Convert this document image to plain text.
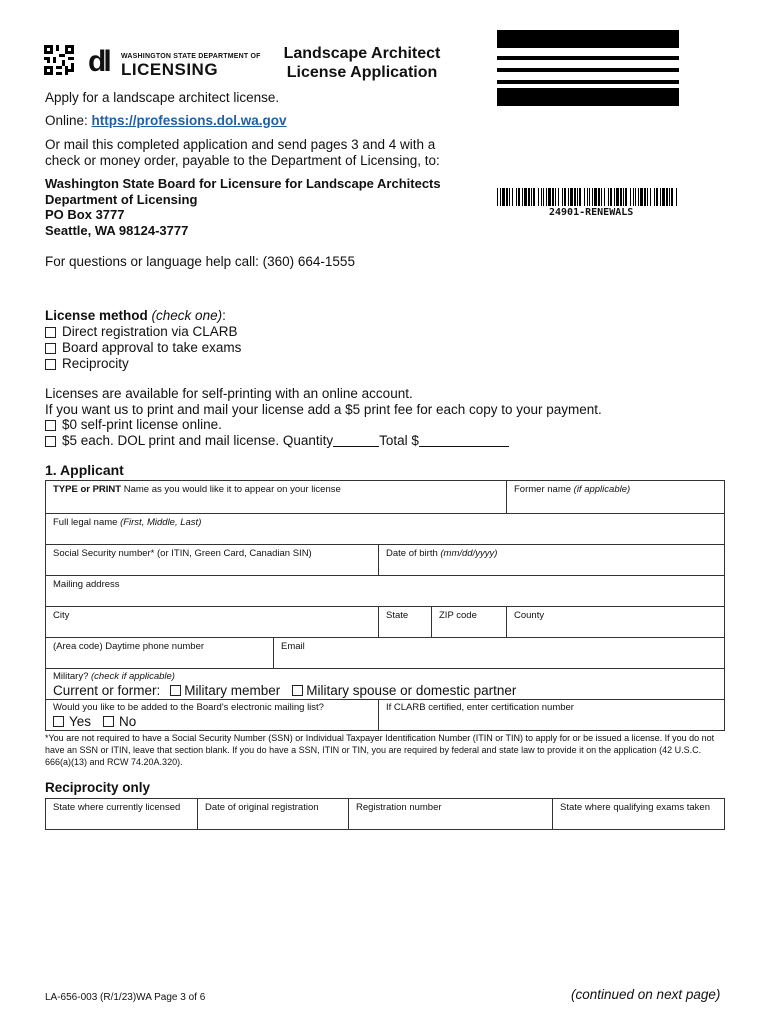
dl WASHINGTON STATE DEPARTMENT OF
LICENSING
Landscape Architect
License Application
24901-RENEWALS
Apply for a landscape architect license.
Online: https://professions.dol.wa.gov
Or mail this completed application and send pages 3 and 4 with a
check or money order, payable to the Department of Licensing, to:
Washington State Board for Licensure for Landscape Architects
Department of Licensing
PO Box 3777
Seattle, WA 98124-3777
For questions or language help call: (360) 664-1555
License method (check one):
Direct registration via CLARB
Board approval to take exams
Reciprocity
Licenses are available for self-printing with an online account.
If you want us to print and mail your license add a $5 print fee for each copy to your payment.
$0 self-print license online.
$5 each. DOL print and mail license. Quantity	Total $
1. Applicant
TYPE or PRINT Name as you would like it to appear on your license	Former name (if applicable)
Full legal name (First, Middle, Last)
Social Security number* (or ITIN, Green Card, Canadian SIN)	Date of birth (mm/dd/yyyy)
Mailing address
City	State	ZIP code	County
(Area code) Daytime phone number	Email
Military? (check if applicable)
Current or former: Military member Military spouse or domestic partner
Would you like to be added to the Board's electronic mailing list?
Yes No
If CLARB certified, enter certification number
*You are not required to have a Social Security Number (SSN) or Individual Taxpayer Identification Number (ITIN or TIN) to apply for or be issued a license. If you do not have an SSN or ITIN, leave that section blank. If you do have a SSN, ITIN or TIN, you are required by federal and state law to provide it on the application (42 U.S.C. 666(a)(13) and RCW 74.20A.320).
Reciprocity only
State where currently licensed	Date of original registration	Registration number	State where qualifying exams taken
LA-656-003 (R/1/23)WA Page 3 of 6	(continued on next page)
